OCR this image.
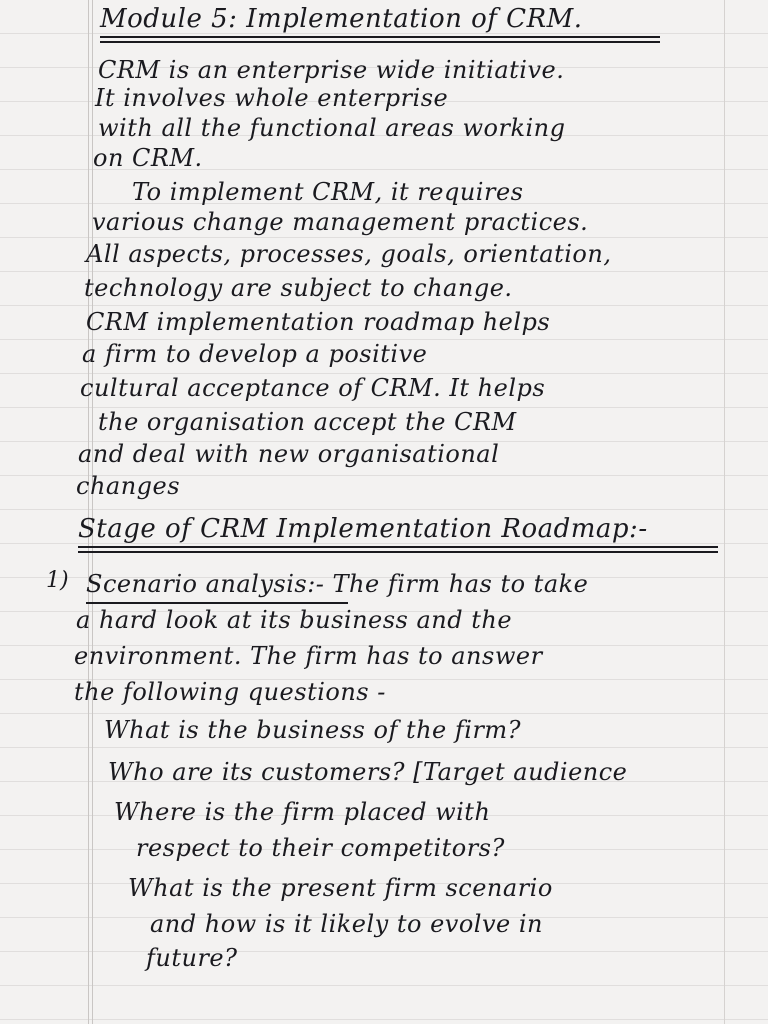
Module 5: Implementation of CRM.
CRM is an enterprise wide initiative.
It involves whole enterprise
with all the functional areas working
on CRM.
To implement CRM, it requires
various change management practices.
All aspects, processes, goals, orientation,
technology are subject to change.
CRM implementation roadmap helps
a firm to develop a positive
cultural acceptance of CRM. It helps
the organisation accept the CRM
and deal with new organisational
changes
Stage of CRM Implementation Roadmap:-
1) Scenario analysis:- The firm has to take
a hard look at its business and the
environment. The firm has to answer
the following questions -
What is the business of the firm?
Who are its customers? [Target audience
Where is the firm placed with
respect to their competitors?
What is the present firm scenario
and how is it likely to evolve in
future?
